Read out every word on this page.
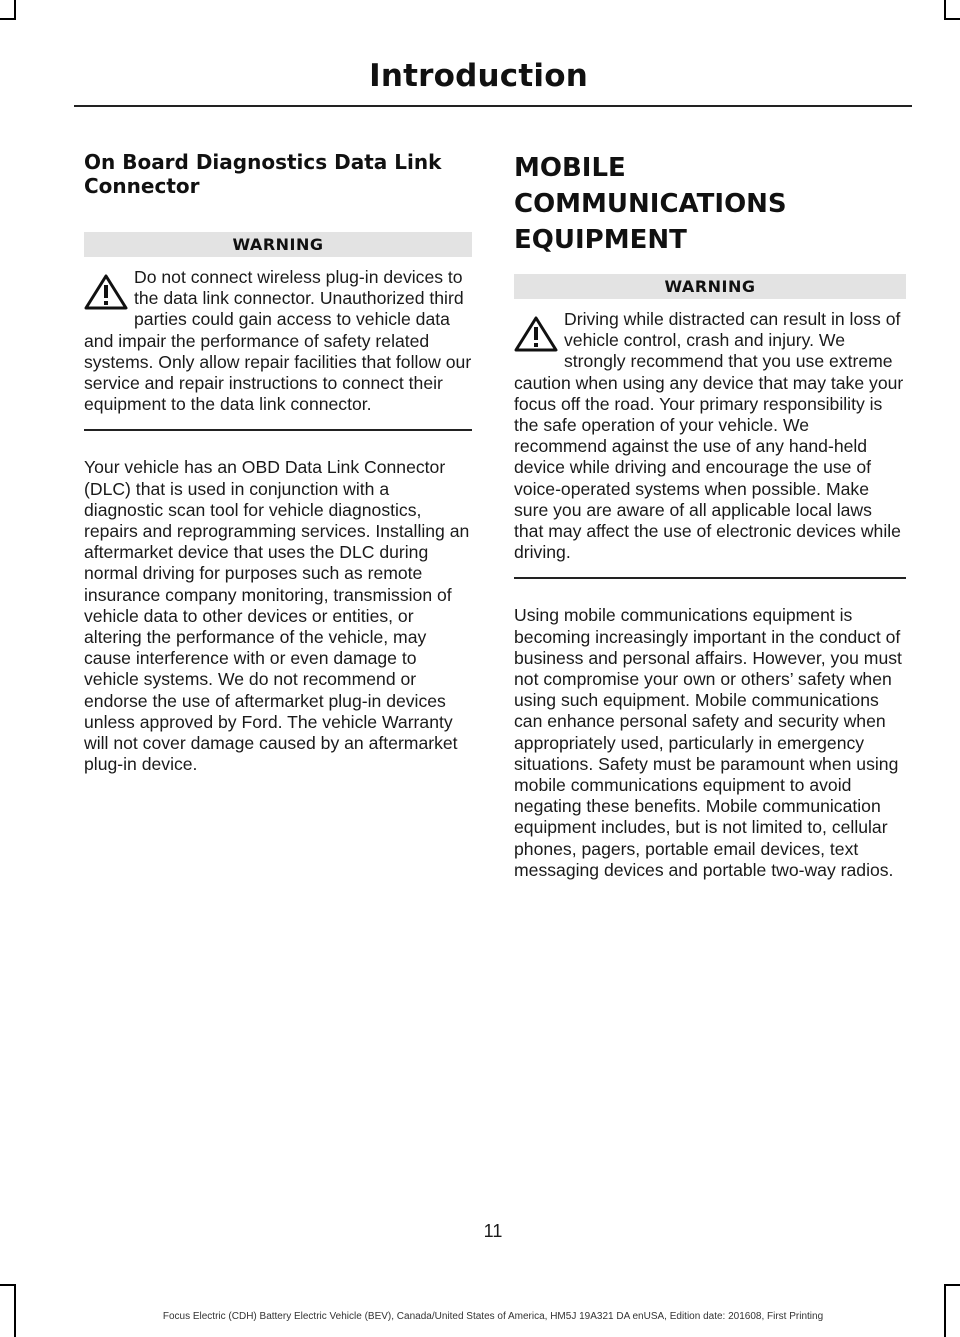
Introduction
On Board Diagnostics Data Link Connector
WARNING
Do not connect wireless plug-in devices to the data link connector. Unauthorized third parties could gain access to vehicle data and impair the performance of safety related systems. Only allow repair facilities that follow our service and repair instructions to connect their equipment to the data link connector.
Your vehicle has an OBD Data Link Connector (DLC) that is used in conjunction with a diagnostic scan tool for vehicle diagnostics, repairs and reprogramming services. Installing an aftermarket device that uses the DLC during normal driving for purposes such as remote insurance company monitoring, transmission of vehicle data to other devices or entities, or altering the performance of the vehicle, may cause interference with or even damage to vehicle systems. We do not recommend or endorse the use of aftermarket plug-in devices unless approved by Ford. The vehicle Warranty will not cover damage caused by an aftermarket plug-in device.
MOBILE COMMUNICATIONS EQUIPMENT
WARNING
Driving while distracted can result in loss of vehicle control, crash and injury. We strongly recommend that you use extreme caution when using any device that may take your focus off the road. Your primary responsibility is the safe operation of your vehicle. We recommend against the use of any hand-held device while driving and encourage the use of voice-operated systems when possible. Make sure you are aware of all applicable local laws that may affect the use of electronic devices while driving.
Using mobile communications equipment is becoming increasingly important in the conduct of business and personal affairs. However, you must not compromise your own or others’ safety when using such equipment. Mobile communications can enhance personal safety and security when appropriately used, particularly in emergency situations. Safety must be paramount when using mobile communications equipment to avoid negating these benefits. Mobile communication equipment includes, but is not limited to, cellular phones, pagers, portable email devices, text messaging devices and portable two-way radios.
11
Focus Electric (CDH) Battery Electric Vehicle (BEV), Canada/United States of America, HM5J 19A321 DA enUSA, Edition date: 201608, First Printing
